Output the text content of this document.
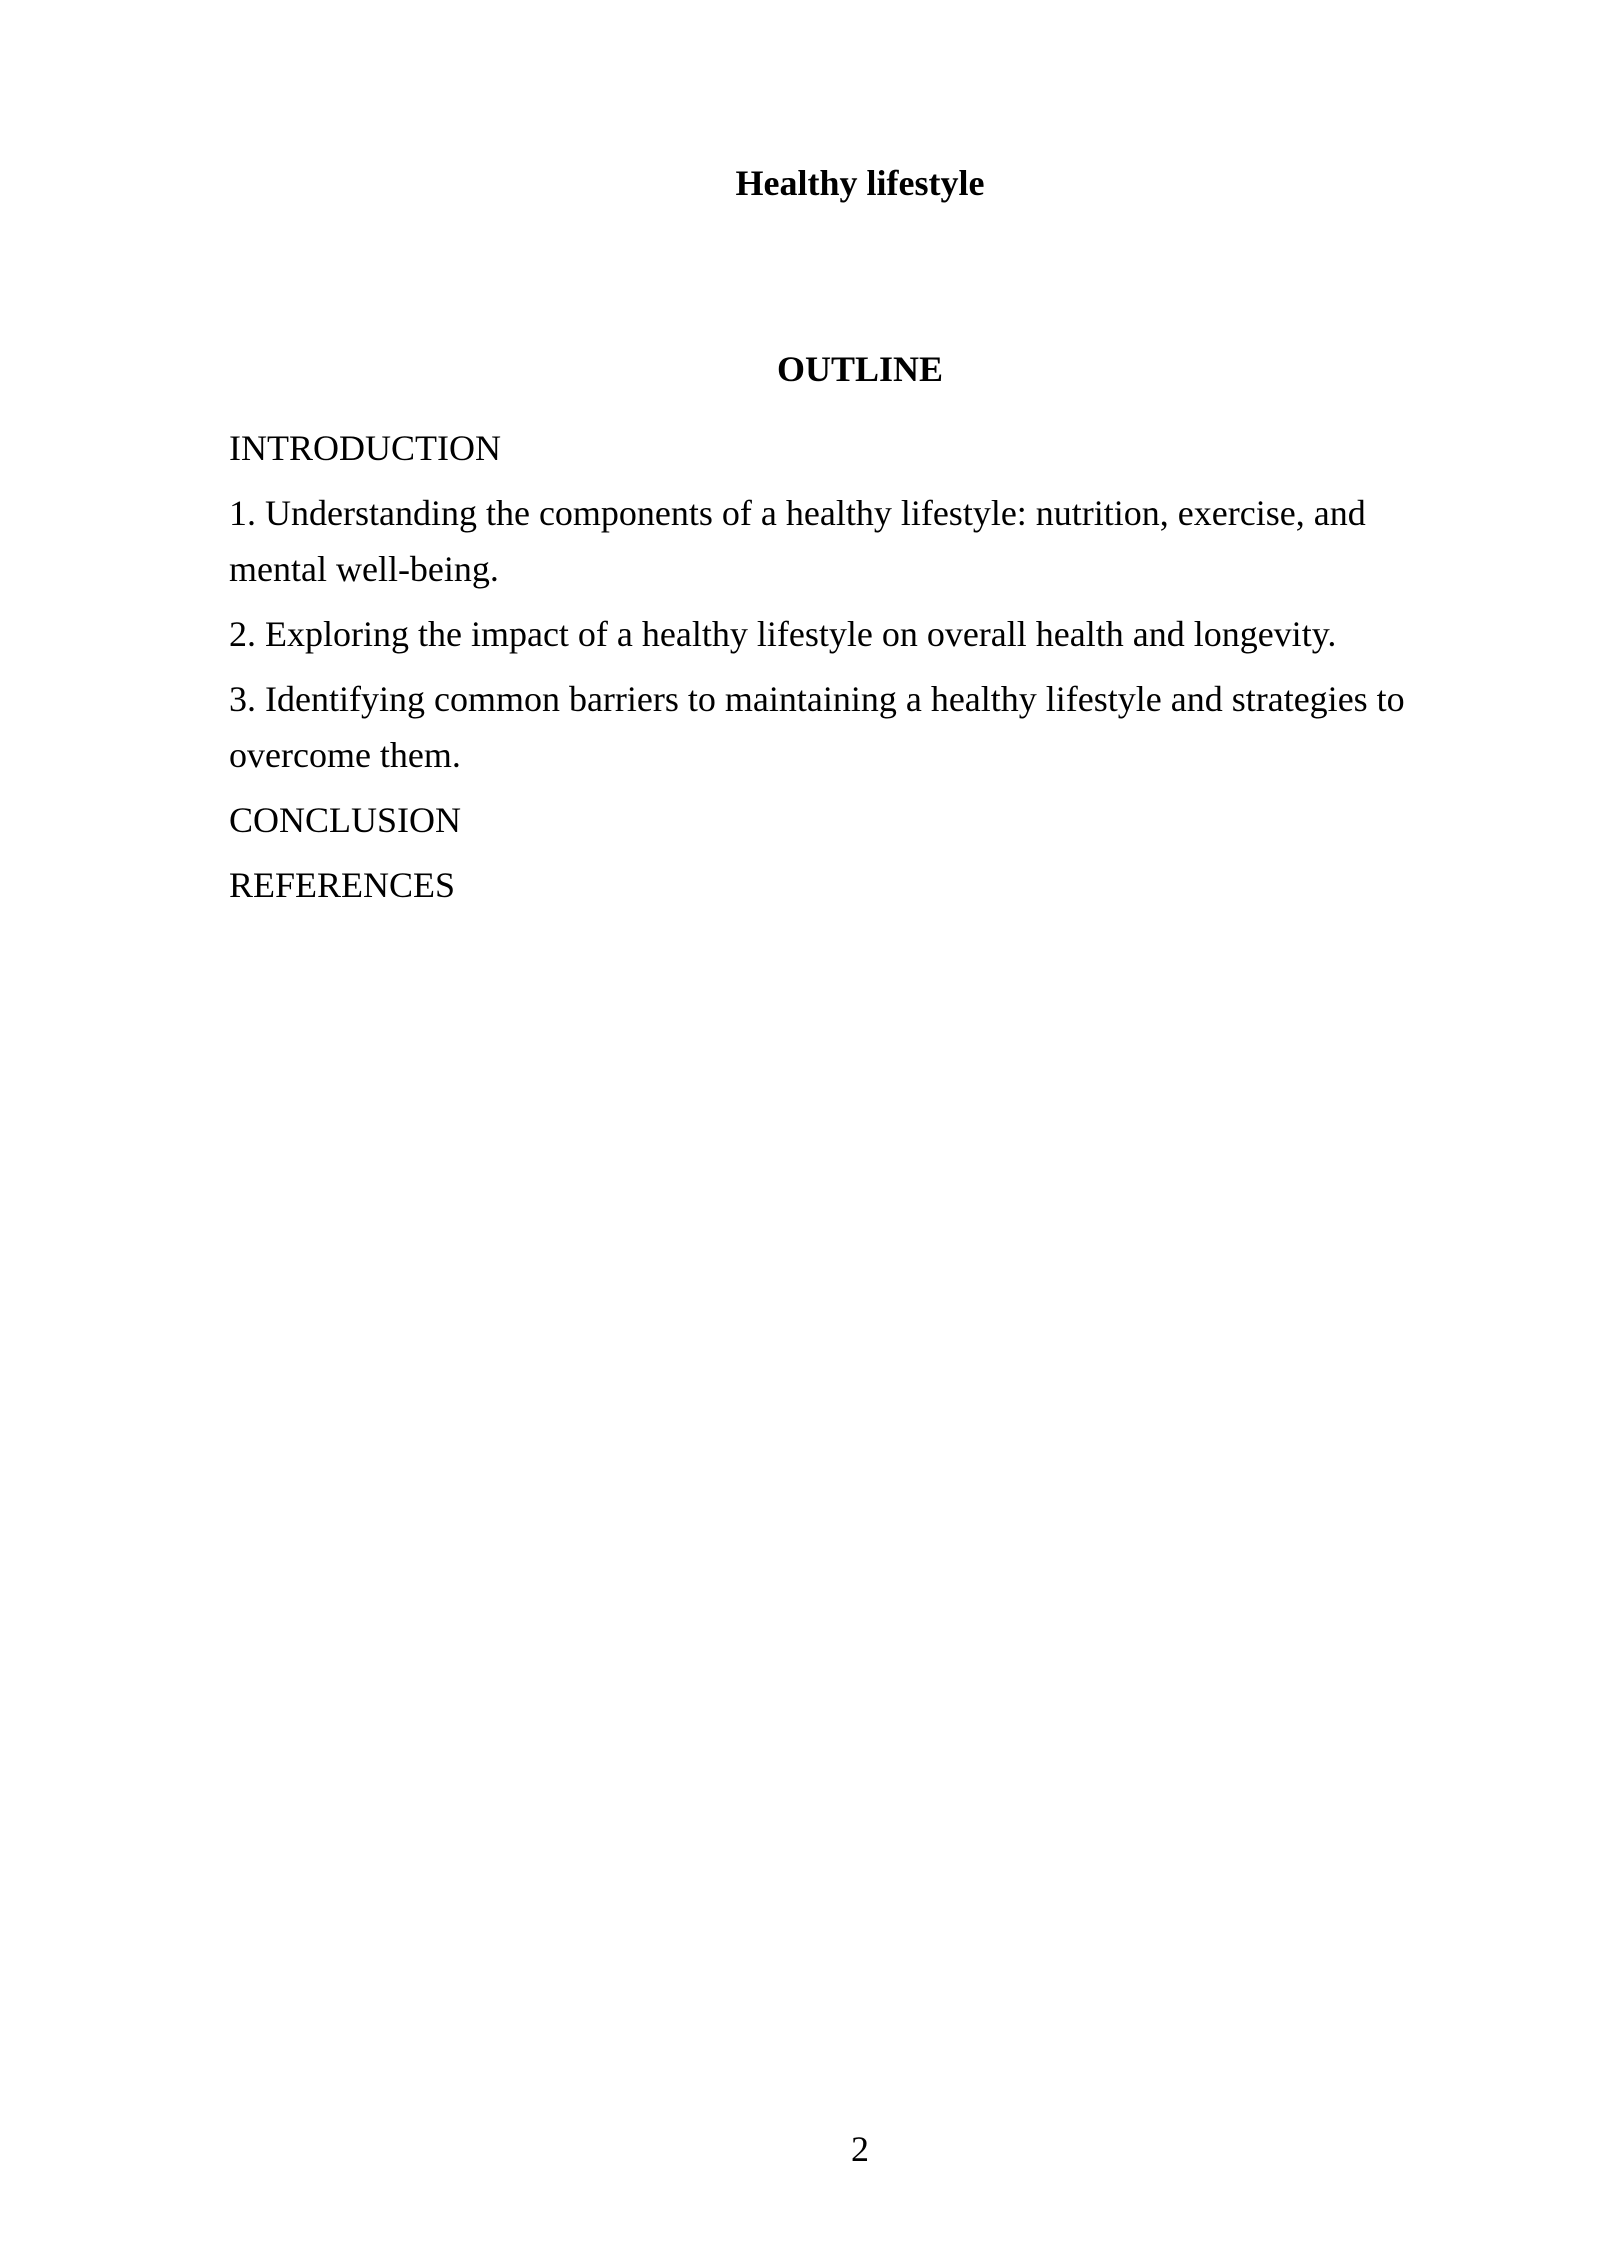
Healthy lifestyle
OUTLINE

INTRODUCTION

1. Understanding the components of a healthy lifestyle: nutrition, exercise, and mental well-being.

2. Exploring the impact of a healthy lifestyle on overall health and longevity.

3. Identifying common barriers to maintaining a healthy lifestyle and strategies to overcome them.

CONCLUSION

REFERENCES

2
